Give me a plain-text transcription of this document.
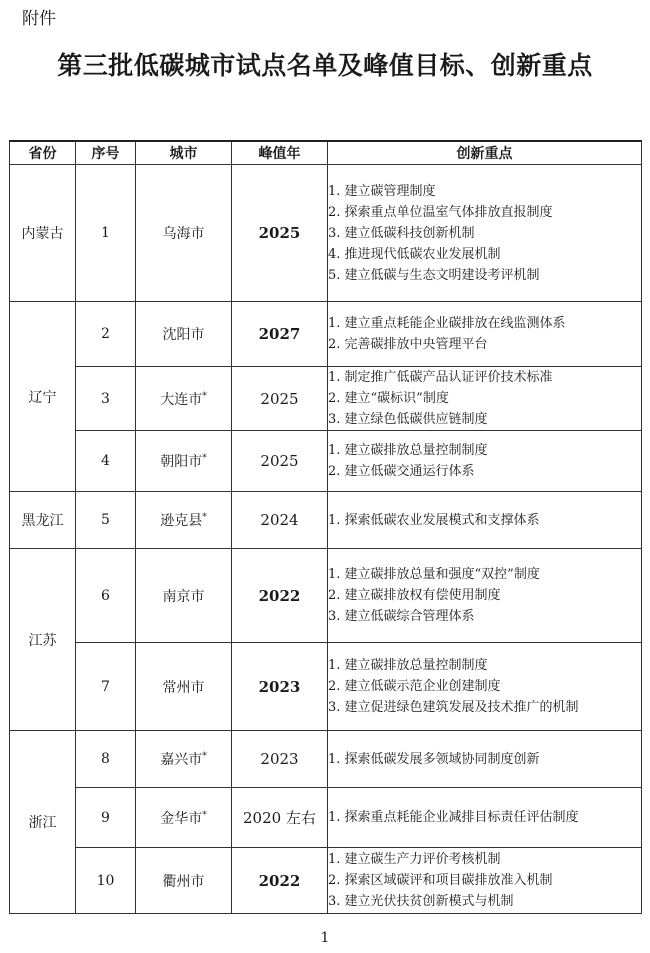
附件
第三批低碳城市试点名单及峰值目标、创新重点
省份	序号	城市	峰值年	创新重点
内蒙古	1	乌海市	2025	1. 建立碳管理制度
2. 探索重点单位温室气体排放直报制度
3. 建立低碳科技创新机制
4. 推进现代低碳农业发展机制
5. 建立低碳与生态文明建设考评机制

辽宁	2	沈阳市	2027	1. 建立重点耗能企业碳排放在线监测体系
2. 完善碳排放中央管理平台

	3	大连市*	2025	1. 制定推广低碳产品认证评价技术标准
2. 建立“碳标识”制度
3. 建立绿色低碳供应链制度

	4	朝阳市*	2025	1. 建立碳排放总量控制制度
2. 建立低碳交通运行体系

黑龙江	5	逊克县*	2024	1. 探索低碳农业发展模式和支撑体系

江苏	6	南京市	2022	1. 建立碳排放总量和强度“双控”制度
2. 建立碳排放权有偿使用制度
3. 建立低碳综合管理体系

	7	常州市	2023	1. 建立碳排放总量控制制度
2. 建立低碳示范企业创建制度
3. 建立促进绿色建筑发展及技术推广的机制

浙江	8	嘉兴市*	2023	1. 探索低碳发展多领域协同制度创新

	9	金华市*	2020 左右	1. 探索重点耗能企业减排目标责任评估制度

	10	衢州市	2022	1. 建立碳生产力评价考核机制
2. 探索区域碳评和项目碳排放准入机制
3. 建立光伏扶贫创新模式与机制
1
